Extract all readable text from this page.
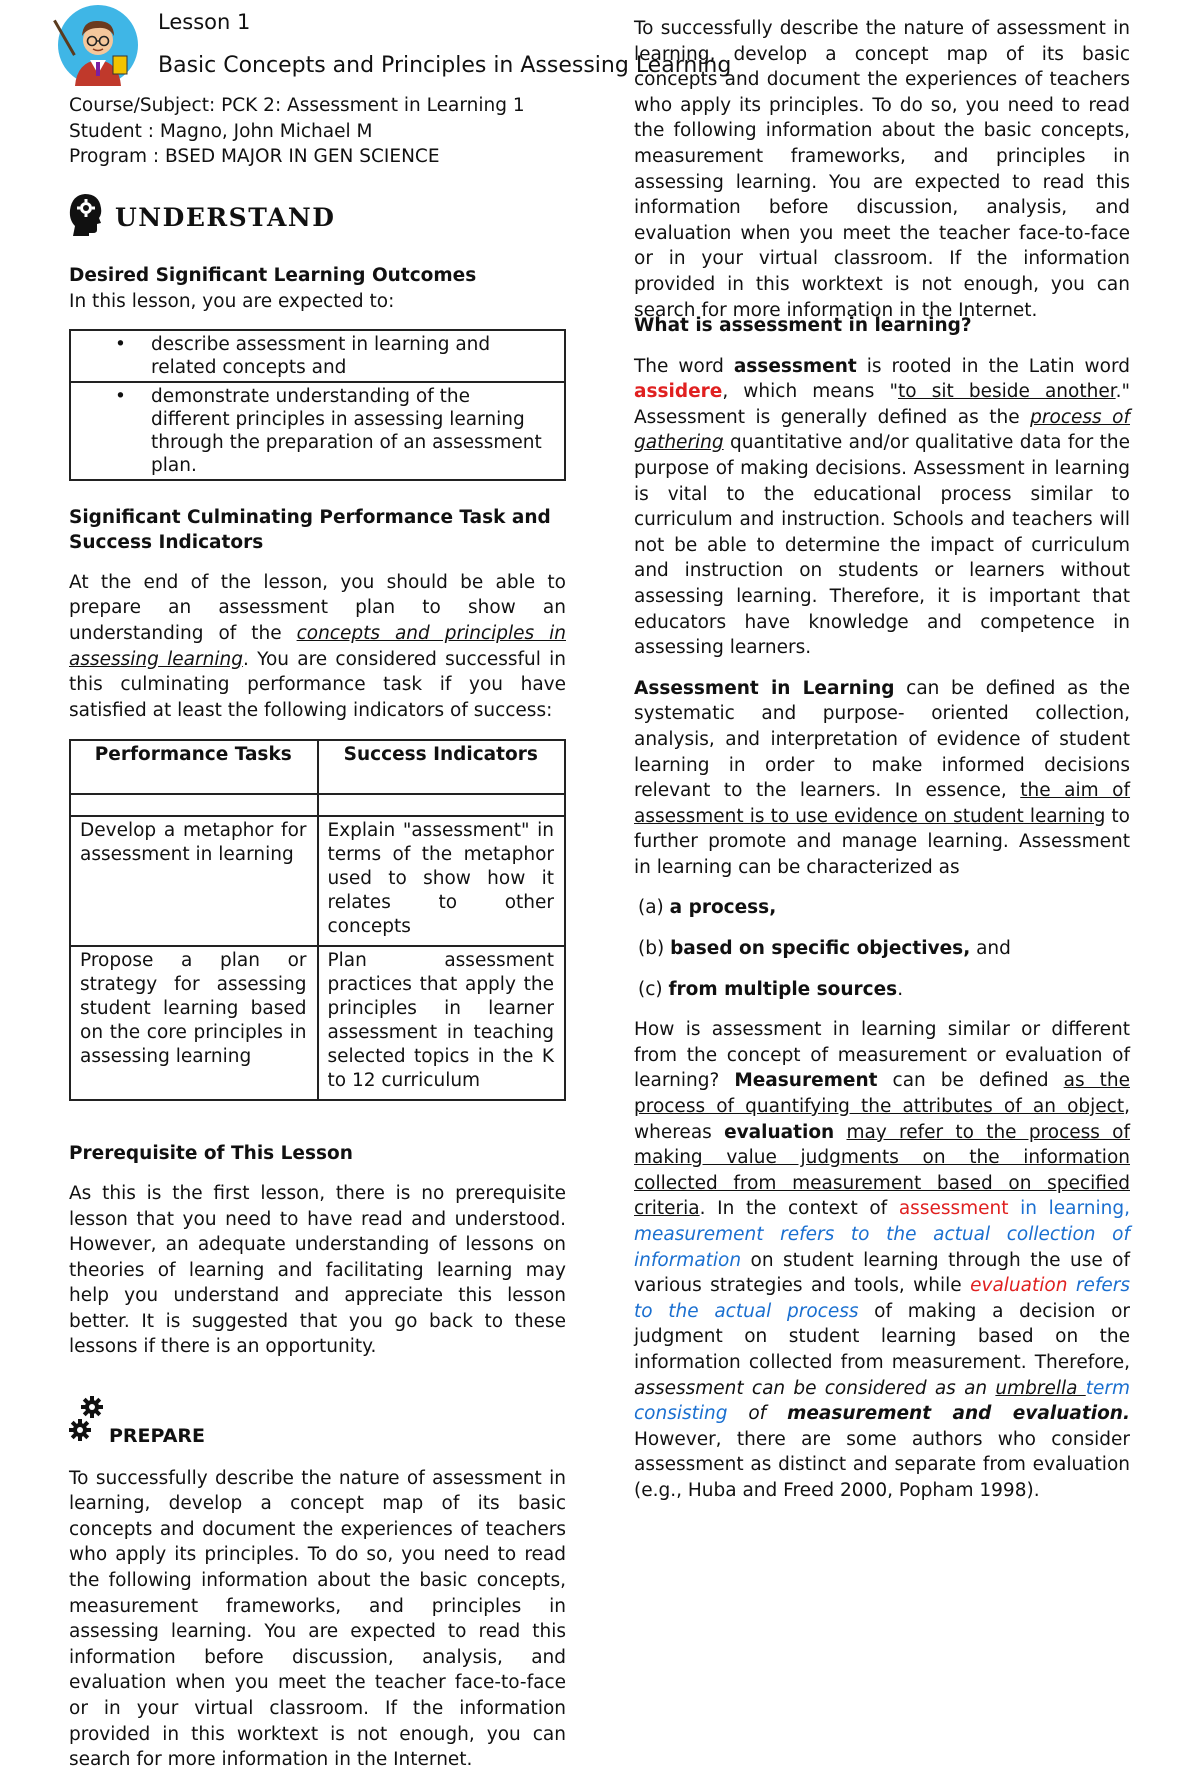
Lesson 1
Basic Concepts and Principles in Assessing Learning

Course/Subject: PCK 2: Assessment in Learning 1

Student : Magno, John Michael M

Program : BSED MAJOR IN GEN SCIENCE

UNDERSTAND

Desired Significant Learning Outcomes

In this lesson, you are expected to:

• describe assessment in learning and related concepts and

• demonstrate understanding of the different principles in assessing learning through the preparation of an assessment plan.

Significant Culminating Performance Task and

Success Indicators

At the end of the lesson, you should be able to prepare an assessment plan to show an understanding of the concepts and principles in assessing learning. You are considered successful in this culminating performance task if you have satisfied at least the following indicators of success:

Performance Tasks	Success Indicators

Develop a metaphor for assessment in learning	Explain "assessment" in terms of the metaphor used to show how it relates to other concepts
Propose a plan or strategy for assessing student learning based on the core principles in assessing learning	Plan assessment practices that apply the principles in learner assessment in teaching selected topics in the K to 12 curriculum

Prerequisite of This Lesson

As this is the first lesson, there is no prerequisite lesson that you need to have read and understood. However, an adequate understanding of lessons on theories of learning and facilitating learning may help you understand and appreciate this lesson better. It is suggested that you go back to these lessons if there is an opportunity.

PREPARE

To successfully describe the nature of assessment in learning, develop a concept map of its basic concepts and document the experiences of teachers who apply its principles. To do so, you need to read the following information about the basic concepts, measurement frameworks, and principles in assessing learning. You are expected to read this information before discussion, analysis, and evaluation when you meet the teacher face-to-face or in your virtual classroom. If the information provided in this worktext is not enough, you can search for more information in the Internet.

To successfully describe the nature of assessment in learning, develop a concept map of its basic concepts and document the experiences of teachers who apply its principles. To do so, you need to read the following information about the basic concepts, measurement frameworks, and principles in assessing learning. You are expected to read this information before discussion, analysis, and evaluation when you meet the teacher face-to-face or in your virtual classroom. If the information provided in this worktext is not enough, you can search for more information in the Internet.

What is assessment in learning?

The word assessment is rooted in the Latin word assidere, which means "to sit beside another." Assessment is generally defined as the process of gathering quantitative and/or qualitative data for the purpose of making decisions. Assessment in learning is vital to the educational process similar to curriculum and instruction. Schools and teachers will not be able to determine the impact of curriculum and instruction on students or learners without assessing learning. Therefore, it is important that educators have knowledge and competence in assessing learners.

Assessment in Learning can be defined as the systematic and purpose- oriented collection, analysis, and interpretation of evidence of student learning in order to make informed decisions relevant to the learners. In essence, the aim of assessment is to use evidence on student learning to further promote and manage learning. Assessment in learning can be characterized as

(a) a process,

(b) based on specific objectives, and

(c) from multiple sources.

How is assessment in learning similar or different from the concept of measurement or evaluation of learning? Measurement can be defined as the process of quantifying the attributes of an object, whereas evaluation may refer to the process of making value judgments on the information collected from measurement based on specified criteria. In the context of assessment in learning, measurement refers to the actual collection of information on student learning through the use of various strategies and tools, while evaluation refers to the actual process of making a decision or judgment on student learning based on the information collected from measurement. Therefore, assessment can be considered as an umbrella term consisting of measurement and evaluation. However, there are some authors who consider assessment as distinct and separate from evaluation (e.g., Huba and Freed 2000, Popham 1998).
